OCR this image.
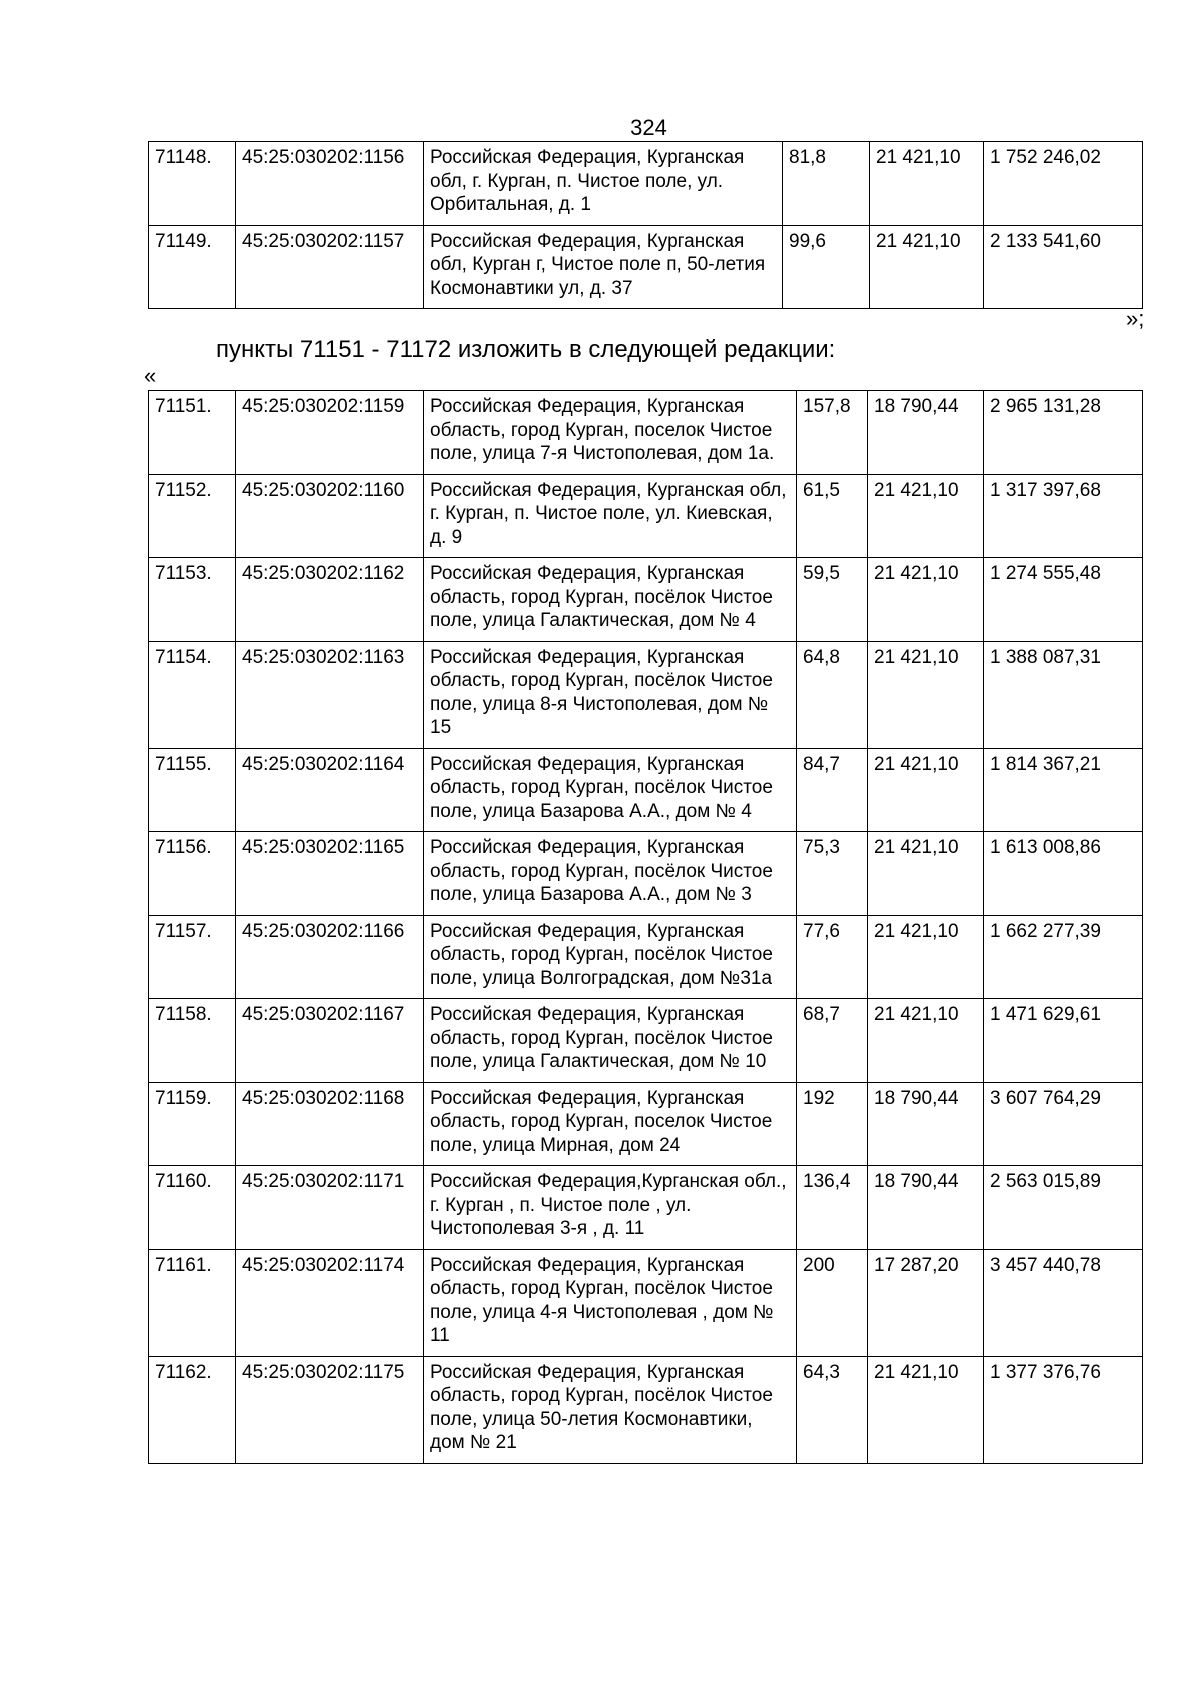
324
71148.	45:25:030202:1156	Российская Федерация, Курганская обл, г. Курган, п. Чистое поле, ул. Орбитальная, д. 1	81,8	21 421,10	1 752 246,02
71149.	45:25:030202:1157	Российская Федерация, Курганская обл, Курган г, Чистое поле п, 50-летия Космонавтики ул, д. 37	99,6	21 421,10	2 133 541,60
»;
пункты 71151 - 71172 изложить в следующей редакции:
«
71151.	45:25:030202:1159	Российская Федерация, Курганская область, город Курган, поселок Чистое поле, улица 7-я Чистополевая, дом 1а.	157,8	18 790,44	2 965 131,28
71152.	45:25:030202:1160	Российская Федерация, Курганская обл, г. Курган, п. Чистое поле, ул. Киевская, д. 9	61,5	21 421,10	1 317 397,68
71153.	45:25:030202:1162	Российская Федерация, Курганская область, город Курган, посёлок Чистое поле, улица Галактическая, дом № 4	59,5	21 421,10	1 274 555,48
71154.	45:25:030202:1163	Российская Федерация, Курганская область, город Курган, посёлок Чистое поле, улица 8-я Чистополевая, дом № 15	64,8	21 421,10	1 388 087,31
71155.	45:25:030202:1164	Российская Федерация, Курганская область, город Курган, посёлок Чистое поле, улица Базарова А.А., дом № 4	84,7	21 421,10	1 814 367,21
71156.	45:25:030202:1165	Российская Федерация, Курганская область, город Курган, посёлок Чистое поле, улица Базарова А.А., дом № 3	75,3	21 421,10	1 613 008,86
71157.	45:25:030202:1166	Российская Федерация, Курганская область, город Курган, посёлок Чистое поле, улица Волгоградская, дом №31а	77,6	21 421,10	1 662 277,39
71158.	45:25:030202:1167	Российская Федерация, Курганская область, город Курган, посёлок Чистое поле, улица Галактическая, дом № 10	68,7	21 421,10	1 471 629,61
71159.	45:25:030202:1168	Российская Федерация, Курганская область, город Курган, поселок Чистое поле, улица Мирная, дом 24	192	18 790,44	3 607 764,29
71160.	45:25:030202:1171	Российская Федерация,Курганская обл., г. Курган , п. Чистое поле , ул. Чистополевая 3-я , д. 11	136,4	18 790,44	2 563 015,89
71161.	45:25:030202:1174	Российская Федерация, Курганская область, город Курган, посёлок Чистое поле, улица 4-я Чистополевая , дом № 11	200	17 287,20	3 457 440,78
71162.	45:25:030202:1175	Российская Федерация, Курганская область, город Курган, посёлок Чистое поле, улица 50-летия Космонавтики, дом № 21	64,3	21 421,10	1 377 376,76
